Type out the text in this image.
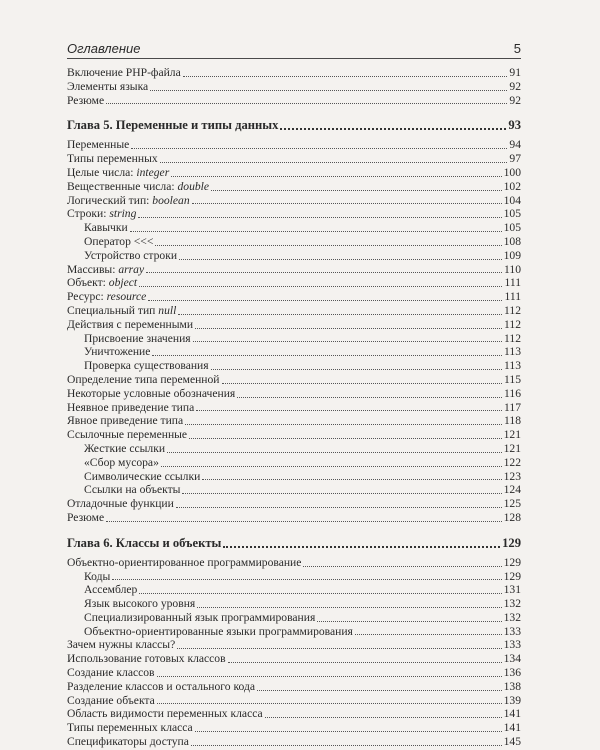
Оглавление	5
Включение PHP-файла	91
Элементы языка	92
Резюме	92
Глава 5. Переменные и типы данных	93
Переменные	94
Типы переменных	97
Целые числа: integer	100
Вещественные числа: double	102
Логический тип: boolean	104
Строки: string	105
Кавычки	105
Оператор <<<	108
Устройство строки	109
Массивы: array	110
Объект: object	111
Ресурс: resource	111
Специальный тип null	112
Действия с переменными	112
Присвоение значения	112
Уничтожение	113
Проверка существования	113
Определение типа переменной	115
Некоторые условные обозначения	116
Неявное приведение типа	117
Явное приведение типа	118
Ссылочные переменные	121
Жесткие ссылки	121
«Сбор мусора»	122
Символические ссылки	123
Ссылки на объекты	124
Отладочные функции	125
Резюме	128
Глава 6. Классы и объекты	129
Объектно-ориентированное программирование	129
Коды	129
Ассемблер	131
Язык высокого уровня	132
Специализированный язык программирования	132
Объектно-ориентированные языки программирования	133
Зачем нужны классы?	133
Использование готовых классов	134
Создание классов	136
Разделение классов и остального кода	138
Создание объекта	139
Область видимости переменных класса	141
Типы переменных класса	141
Спецификаторы доступа	145
